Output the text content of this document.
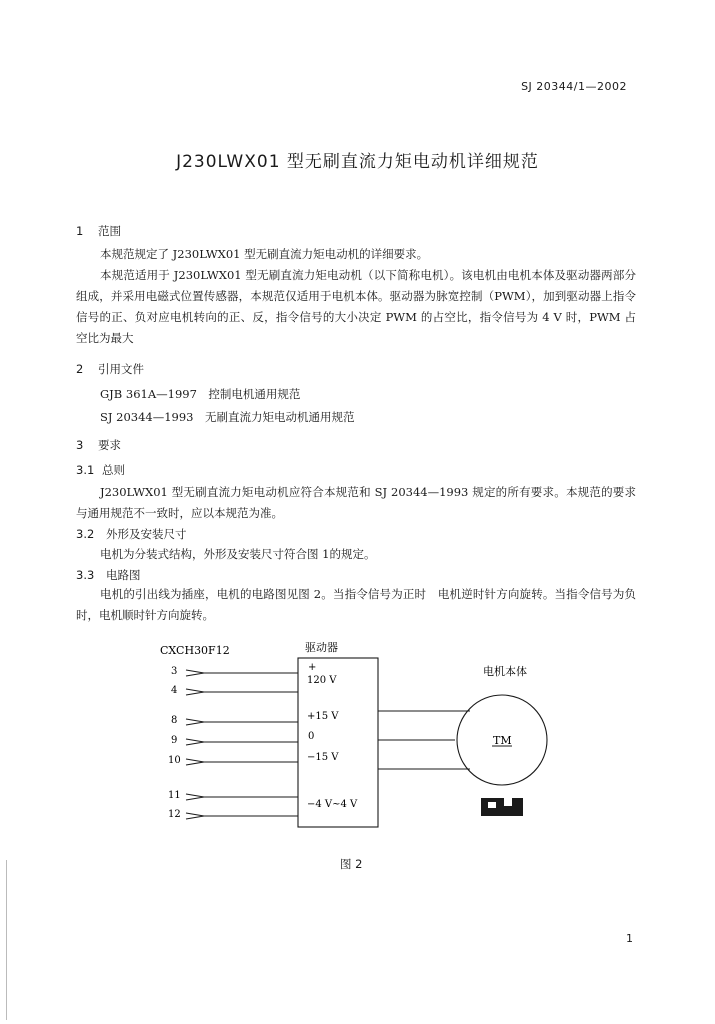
SJ 20344/1—2002
J230LWX01 型无刷直流力矩电动机详细规范
1 范围
本规范规定了 J230LWX01 型无刷直流力矩电动机的详细要求。
本规范适用于 J230LWX01 型无刷直流力矩电动机（以下简称电机）。该电机由电机本体及驱动器两部分组成，并采用电磁式位置传感器，本规范仅适用于电机本体。驱动器为脉宽控制（PWM），加到驱动器上指令信号的正、负对应电机转向的正、反，指令信号的大小决定 PWM 的占空比，指令信号为 4 V 时，PWM 占空比为最大
2 引用文件
GJB 361A—1997　控制电机通用规范
SJ 20344—1993　无刷直流力矩电动机通用规范
3 要求
3.1 总则
J230LWX01 型无刷直流力矩电动机应符合本规范和 SJ 20344—1993 规定的所有要求。本规范的要求与通用规范不一致时，应以本规范为准。
3.2 外形及安装尺寸
电机为分装式结构，外形及安装尺寸符合图 1的规定。
3.3 电路图
电机的引出线为插座，电机的电路图见图 2。当指令信号为正时　电机逆时针方向旋转。当指令信号为负时，电机顺时针方向旋转。
CXCH30F12	驱动器
电机本体
TM
3
4
8
9
10
11
12
+
120 V
+15 V
0
−15 V
−4 V~4 V
图 2
1
